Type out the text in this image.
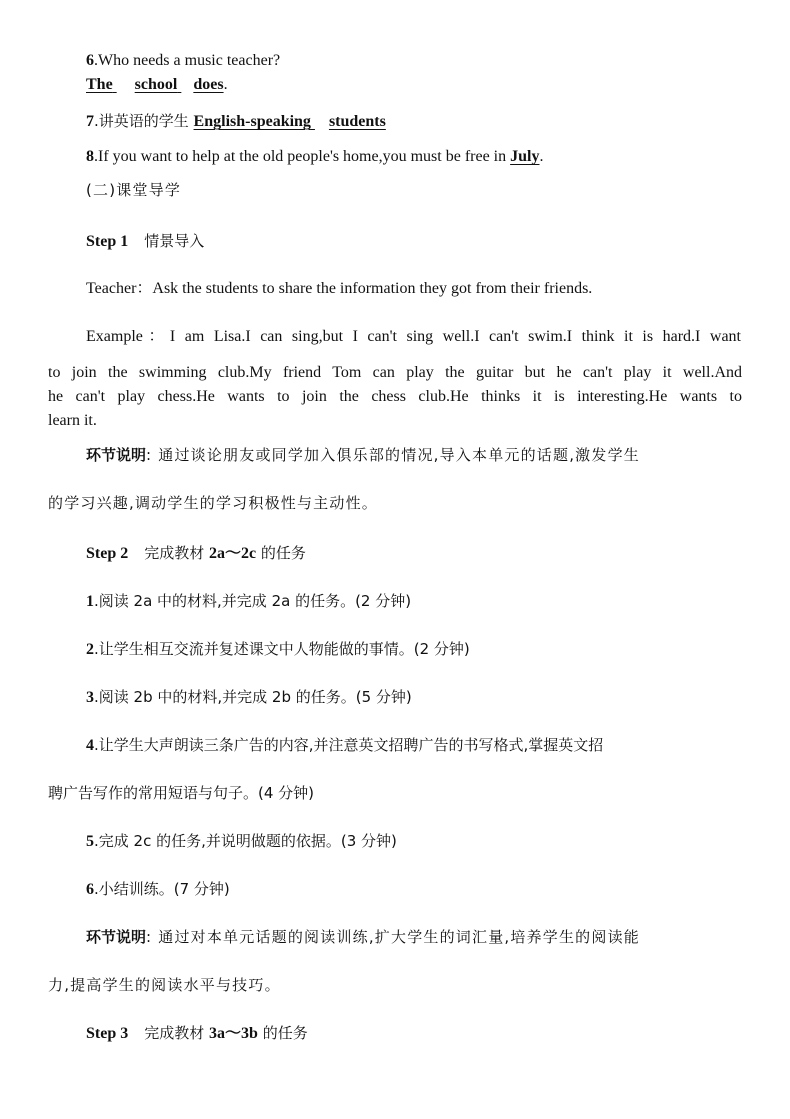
6.Who needs a music teacher?
The school does.
7.讲英语的学生 English-speaking students
8.If you want to help at the old people's home,you must be free in July.
(二)课堂导学
Step 1 情景导入
Teacher：Ask the students to share the information they got from their friends.
Example：I am Lisa.I can sing,but I can't sing well.I can't swim.I think it is hard.I want
to join the swimming club.My friend Tom can play the guitar but he can't play it well.And
he can't play chess.He wants to join the chess club.He thinks it is interesting.He wants to
learn it.
环节说明: 通过谈论朋友或同学加入俱乐部的情况,导入本单元的话题,激发学生
的学习兴趣,调动学生的学习积极性与主动性。
Step 2 完成教材 2a～2c 的任务
1.阅读 2a 中的材料,并完成 2a 的任务。(2 分钟)
2.让学生相互交流并复述课文中人物能做的事情。(2 分钟)
3.阅读 2b 中的材料,并完成 2b 的任务。(5 分钟)
4.让学生大声朗读三条广告的内容,并注意英文招聘广告的书写格式,掌握英文招
聘广告写作的常用短语与句子。(4 分钟)
5.完成 2c 的任务,并说明做题的依据。(3 分钟)
6.小结训练。(7 分钟)
环节说明: 通过对本单元话题的阅读训练,扩大学生的词汇量,培养学生的阅读能
力,提高学生的阅读水平与技巧。
Step 3 完成教材 3a～3b 的任务
